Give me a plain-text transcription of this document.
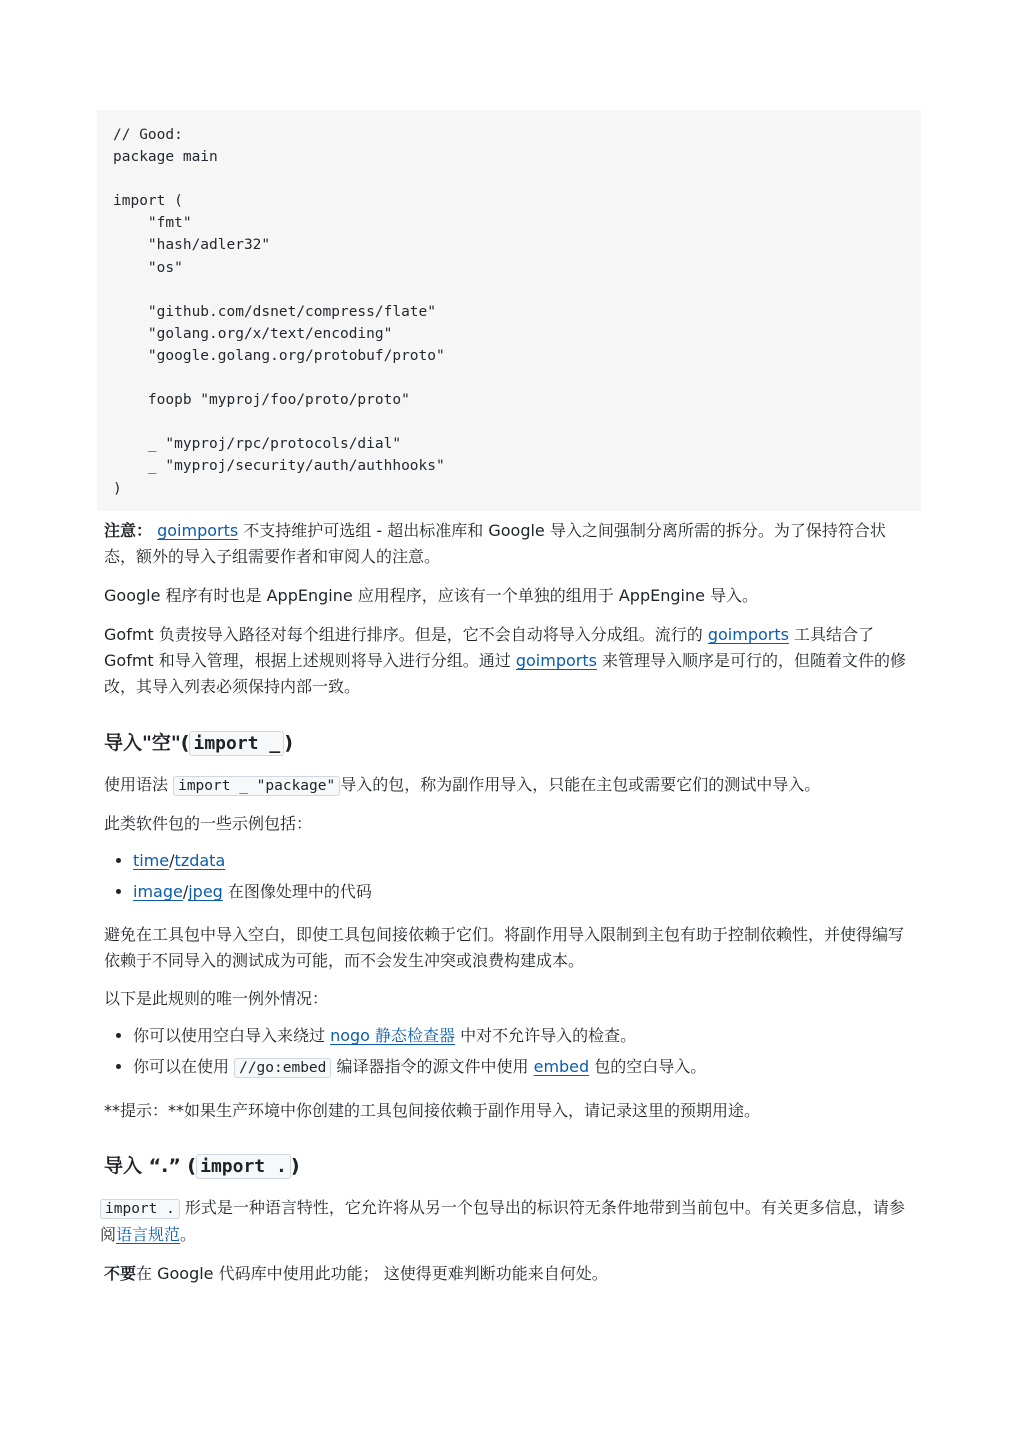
// Good:
package main
import (
"fmt"
"hash/adler32"
"os"
"github.com/dsnet/compress/flate"
"golang.org/x/text/encoding"
"google.golang.org/protobuf/proto"
foopb "myproj/foo/proto/proto"
_ "myproj/rpc/protocols/dial"
_ "myproj/security/auth/authhooks"
)

注意： goimports 不支持维护可选组 - 超出标准库和 Google 导入之间强制分离所需的拆分。为了保持符合状态，额外的导入子组需要作者和审阅人的注意。

Google 程序有时也是 AppEngine 应用程序，应该有一个单独的组用于 AppEngine 导入。

Gofmt 负责按导入路径对每个组进行排序。但是，它不会自动将导入分成组。流行的 goimports 工具结合了 Gofmt 和导入管理，根据上述规则将导入进行分组。通过 goimports 来管理导入顺序是可行的，但随着文件的修改，其导入列表必须保持内部一致。

导入"空"( import _ )

使用语法 import _ "package" 导入的包，称为副作用导入，只能在主包或需要它们的测试中导入。

此类软件包的一些示例包括：

• time/tzdata
• image/jpeg 在图像处理中的代码

避免在工具包中导入空白，即使工具包间接依赖于它们。将副作用导入限制到主包有助于控制依赖性，并使得编写依赖于不同导入的测试成为可能，而不会发生冲突或浪费构建成本。

以下是此规则的唯一例外情况：

• 你可以使用空白导入来绕过 nogo 静态检查器 中对不允许导入的检查。
• 你可以在使用 //go:embed 编译器指令的源文件中使用 embed 包的空白导入。

**提示：**如果生产环境中你创建的工具包间接依赖于副作用导入，请记录这里的预期用途。

导入 “.” ( import . )

import . 形式是一种语言特性，它允许将从另一个包导出的标识符无条件地带到当前包中。有关更多信息，请参阅语言规范。

不要在 Google 代码库中使用此功能； 这使得更难判断功能来自何处。
